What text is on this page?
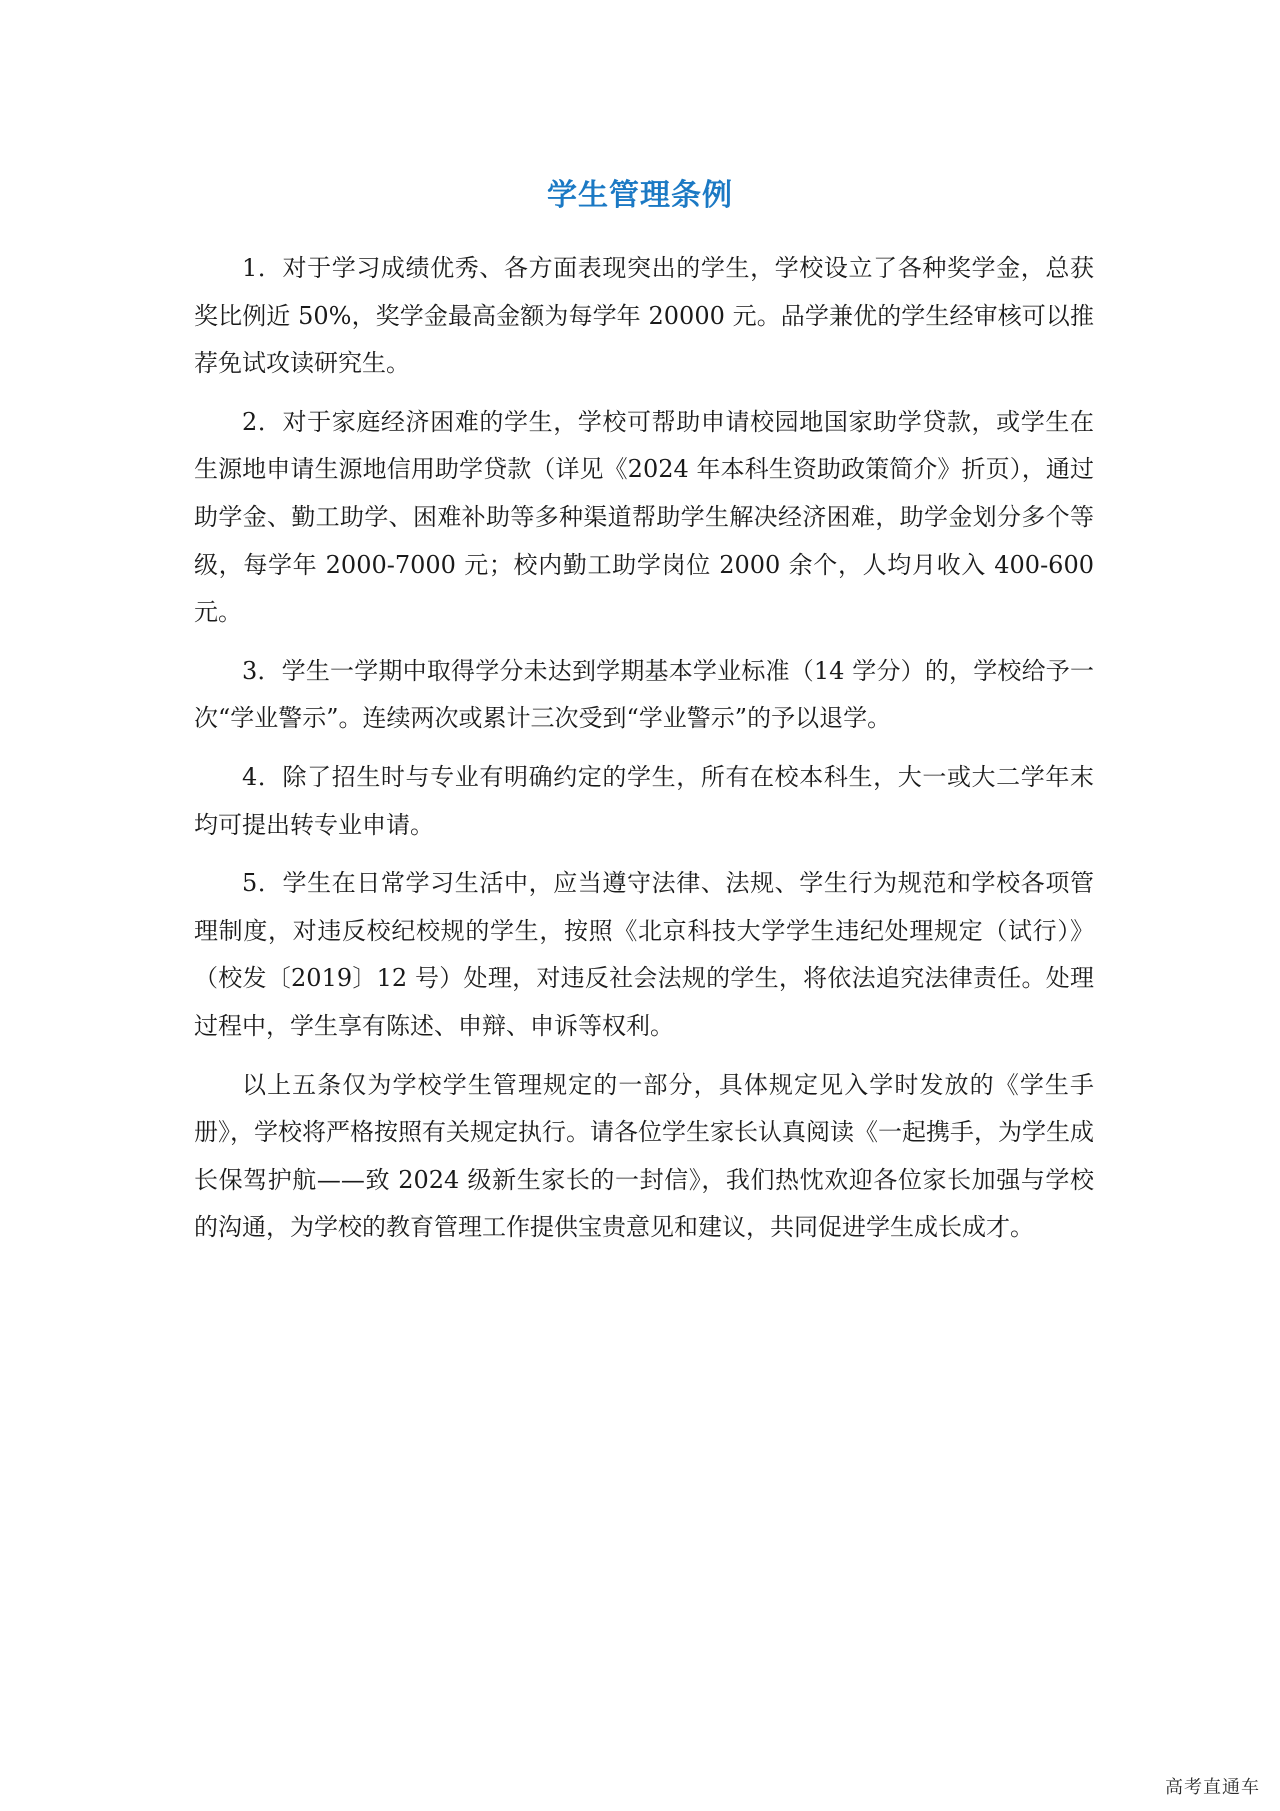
学生管理条例

1．对于学习成绩优秀、各方面表现突出的学生，学校设立了各种奖学金，总获奖比例近 50%，奖学金最高金额为每学年 20000 元。品学兼优的学生经审核可以推荐免试攻读研究生。

2．对于家庭经济困难的学生，学校可帮助申请校园地国家助学贷款，或学生在生源地申请生源地信用助学贷款（详见《2024 年本科生资助政策简介》折页），通过助学金、勤工助学、困难补助等多种渠道帮助学生解决经济困难，助学金划分多个等级，每学年 2000-7000 元；校内勤工助学岗位 2000 余个，人均月收入 400-600 元。

3．学生一学期中取得学分未达到学期基本学业标准（14 学分）的，学校给予一次“学业警示”。连续两次或累计三次受到“学业警示”的予以退学。

4．除了招生时与专业有明确约定的学生，所有在校本科生，大一或大二学年末均可提出转专业申请。

5．学生在日常学习生活中，应当遵守法律、法规、学生行为规范和学校各项管理制度，对违反校纪校规的学生，按照《北京科技大学学生违纪处理规定（试行）》（校发〔2019〕12 号）处理，对违反社会法规的学生，将依法追究法律责任。处理过程中，学生享有陈述、申辩、申诉等权利。

以上五条仅为学校学生管理规定的一部分，具体规定见入学时发放的《学生手册》，学校将严格按照有关规定执行。请各位学生家长认真阅读《一起携手，为学生成长保驾护航——致 2024 级新生家长的一封信》，我们热忱欢迎各位家长加强与学校的沟通，为学校的教育管理工作提供宝贵意见和建议，共同促进学生成长成才。

高考直通车
